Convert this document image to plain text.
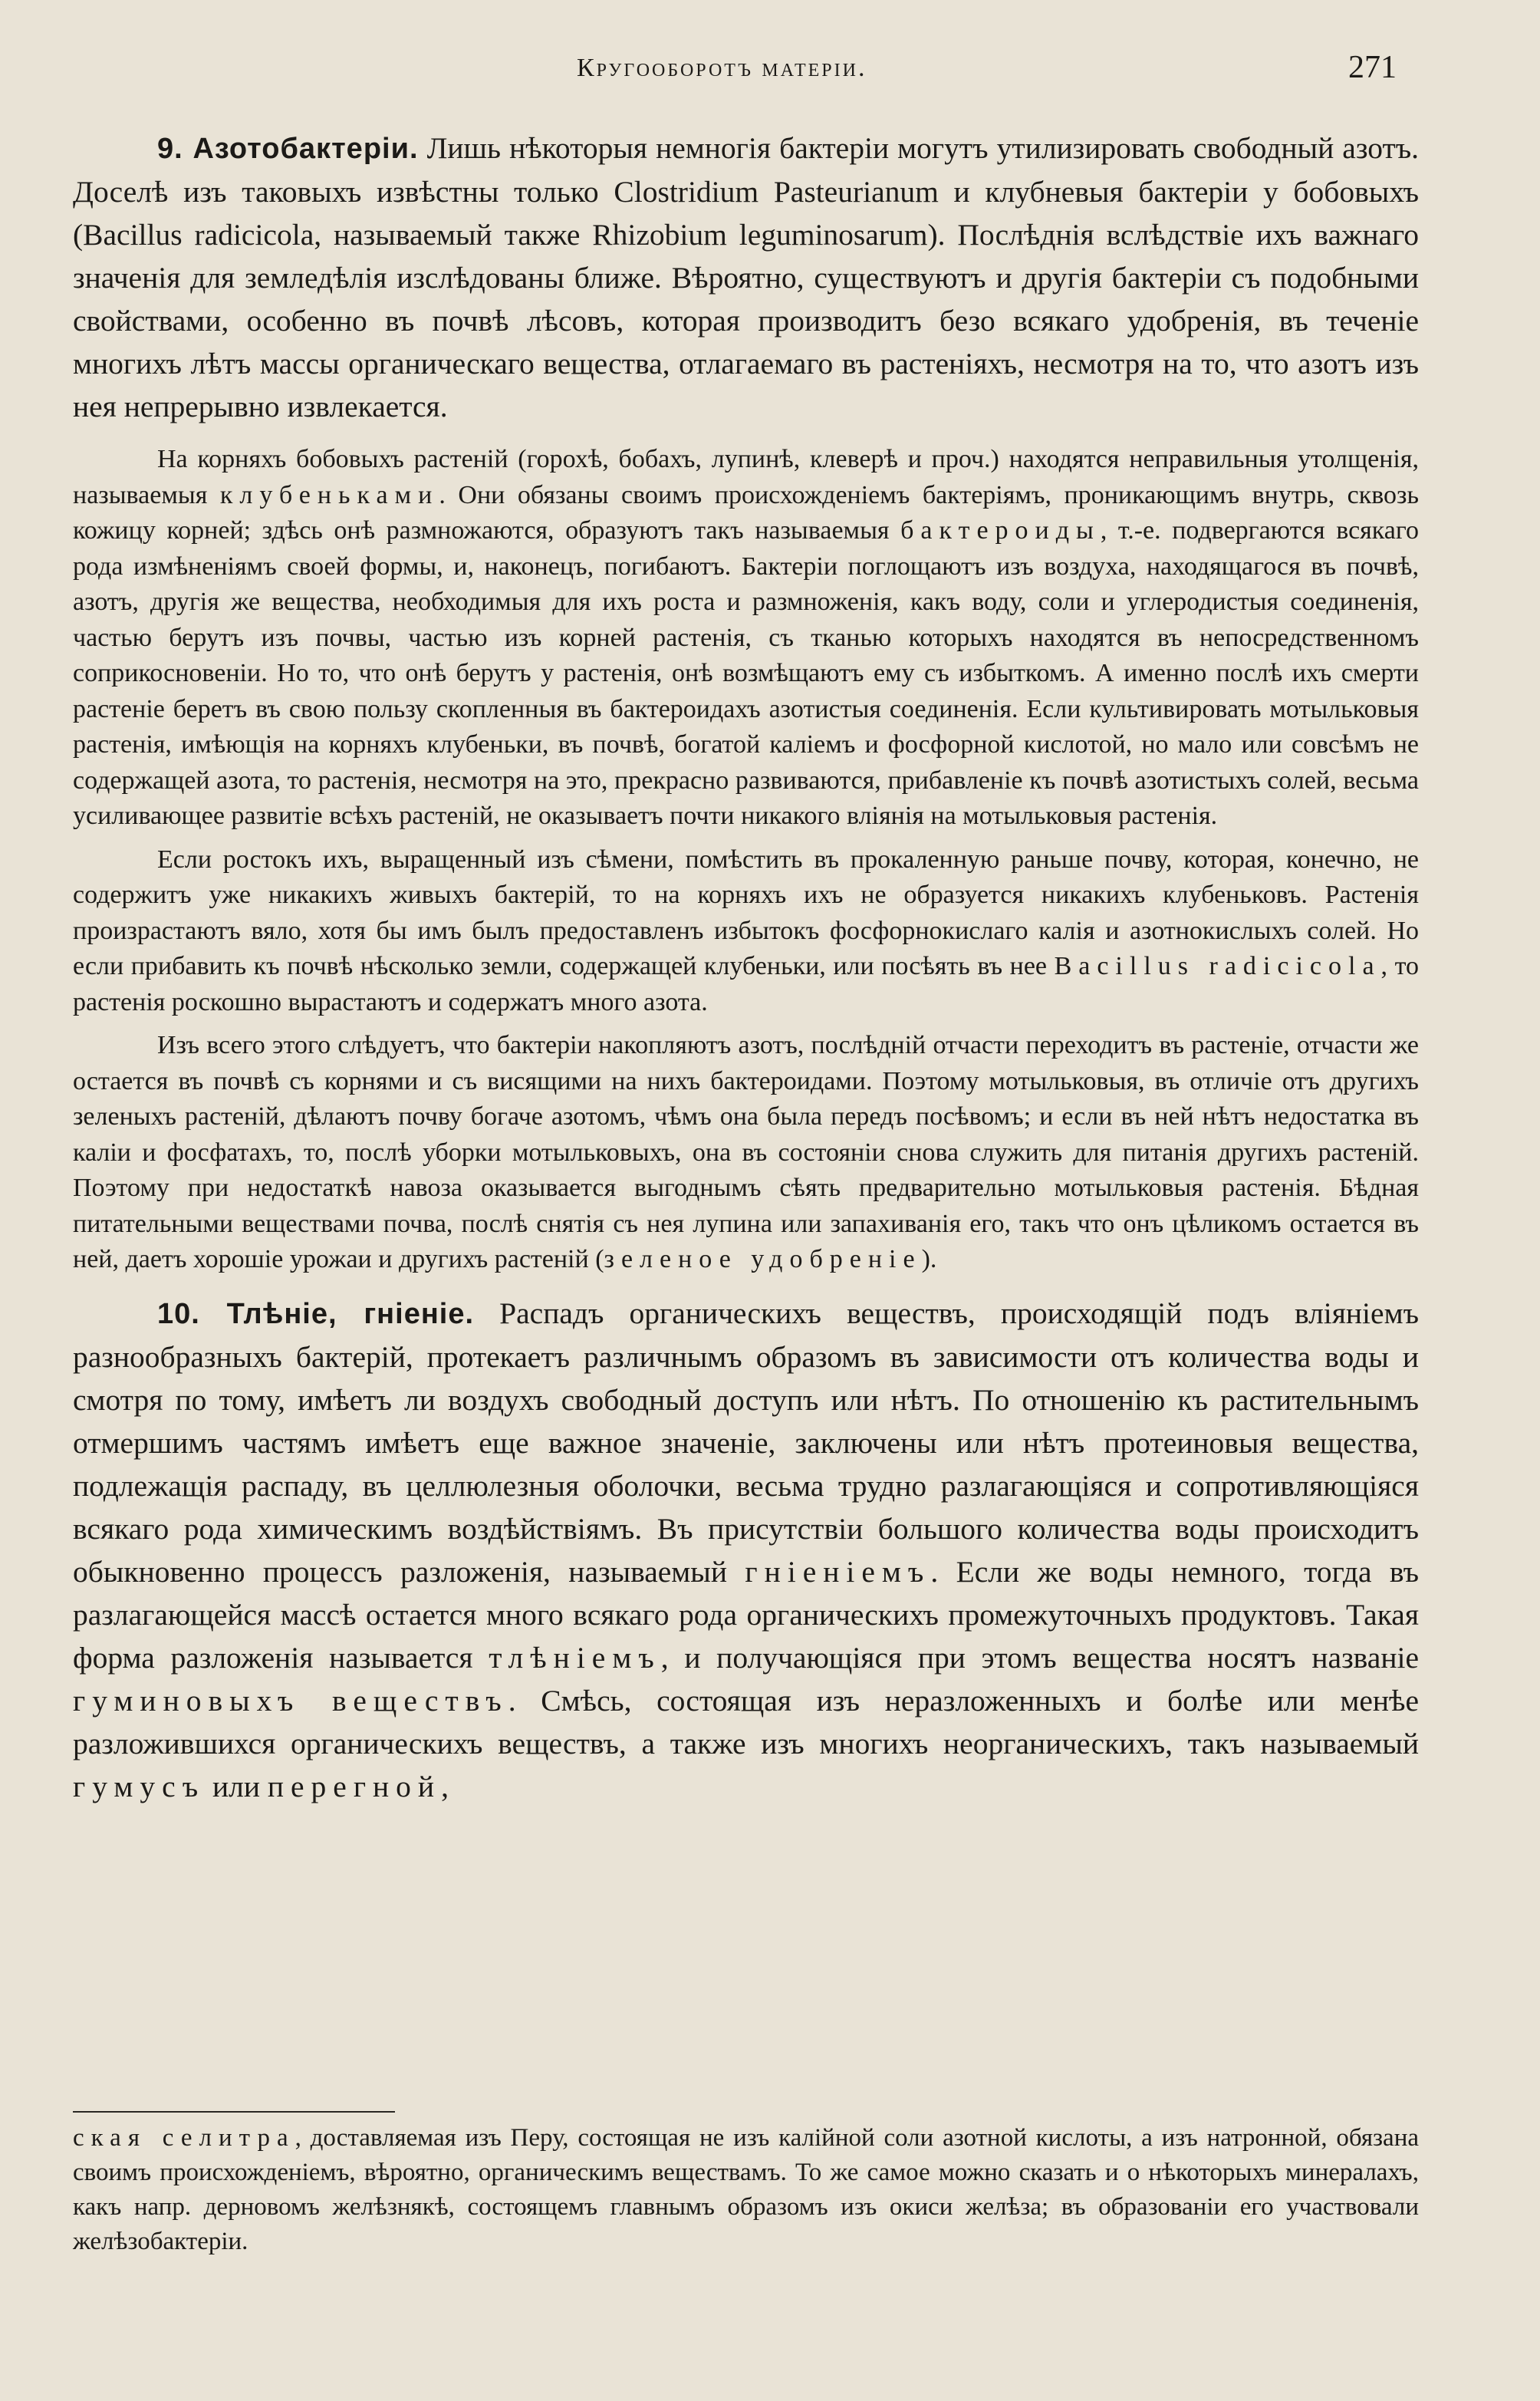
Кругооборотъ матеріи.	271

9. Азотобактеріи. Лишь нѣкоторыя немногія бактеріи могутъ утилизировать свободный азотъ. Доселѣ изъ таковыхъ извѣстны только Clostridium Pasteurianum и клубневыя бактеріи у бобовыхъ (Bacillus radicicola, называемый также Rhizobium leguminosarum). Послѣднія вслѣдствіе ихъ важнаго значенія для земледѣлія изслѣдованы ближе. Вѣроятно, существуютъ и другія бактеріи съ подобными свойствами, особенно въ почвѣ лѣсовъ, которая производитъ безо всякаго удобренія, въ теченіе многихъ лѣтъ массы органическаго вещества, отлагаемаго въ растеніяхъ, несмотря на то, что азотъ изъ нея непрерывно извлекается.

На корняхъ бобовыхъ растеній (горохѣ, бобахъ, лупинѣ, клеверѣ и проч.) находятся неправильныя утолщенія, называемыя клубеньками. Они обязаны своимъ происхожденіемъ бактеріямъ, проникающимъ внутрь, сквозь кожицу корней; здѣсь онѣ размножаются, образуютъ такъ называемыя бактероиды, т.-е. подвергаются всякаго рода измѣненіямъ своей формы, и, наконецъ, погибаютъ. Бактеріи поглощаютъ изъ воздуха, находящагося въ почвѣ, азотъ, другія же вещества, необходимыя для ихъ роста и размноженія, какъ воду, соли и углеродистыя соединенія, частью берутъ изъ почвы, частью изъ корней растенія, съ тканью которыхъ находятся въ непосредственномъ соприкосновеніи. Но то, что онѣ берутъ у растенія, онѣ возмѣщаютъ ему съ избыткомъ. А именно послѣ ихъ смерти растеніе беретъ въ свою пользу скопленныя въ бактероидахъ азотистыя соединенія. Если культивировать мотыльковыя растенія, имѣющія на корняхъ клубеньки, въ почвѣ, богатой каліемъ и фосфорной кислотой, но мало или совсѣмъ не содержащей азота, то растенія, несмотря на это, прекрасно развиваются, прибавленіе къ почвѣ азотистыхъ солей, весьма усиливающее развитіе всѣхъ растеній, не оказываетъ почти никакого вліянія на мотыльковыя растенія.

Если ростокъ ихъ, выращенный изъ сѣмени, помѣстить въ прокаленную раньше почву, которая, конечно, не содержитъ уже никакихъ живыхъ бактерій, то на корняхъ ихъ не образуется никакихъ клубеньковъ. Растенія произрастаютъ вяло, хотя бы имъ былъ предоставленъ избытокъ фосфорнокислаго калія и азотнокислыхъ солей. Но если прибавить къ почвѣ нѣсколько земли, содержащей клубеньки, или посѣять въ нее Bacillus radicicola, то растенія роскошно вырастаютъ и содержатъ много азота.

Изъ всего этого слѣдуетъ, что бактеріи накопляютъ азотъ, послѣдній отчасти переходитъ въ растеніе, отчасти же остается въ почвѣ съ корнями и съ висящими на нихъ бактероидами. Поэтому мотыльковыя, въ отличіе отъ другихъ зеленыхъ растеній, дѣлаютъ почву богаче азотомъ, чѣмъ она была передъ посѣвомъ; и если въ ней нѣтъ недостатка въ каліи и фосфатахъ, то, послѣ уборки мотыльковыхъ, она въ состояніи снова служить для питанія другихъ растеній. Поэтому при недостаткѣ навоза оказывается выгоднымъ сѣять предварительно мотыльковыя растенія. Бѣдная питательными веществами почва, послѣ снятія съ нея лупина или запахиванія его, такъ что онъ цѣликомъ остается въ ней, даетъ хорошіе урожаи и другихъ растеній (зеленое удобреніе).

10. Тлѣніе, гніеніе. Распадъ органическихъ веществъ, происходящій подъ вліяніемъ разнообразныхъ бактерій, протекаетъ различнымъ образомъ въ зависимости отъ количества воды и смотря по тому, имѣетъ ли воздухъ свободный доступъ или нѣтъ. По отношенію къ растительнымъ отмершимъ частямъ имѣетъ еще важное значеніе, заключены или нѣтъ протеиновыя вещества, подлежащія распаду, въ целлюлезныя оболочки, весьма трудно разлагающіяся и сопротивляющіяся всякаго рода химическимъ воздѣйствіямъ. Въ присутствіи большого количества воды происходитъ обыкновенно процессъ разложенія, называемый гніеніемъ. Если же воды немного, тогда въ разлагающейся массѣ остается много всякаго рода органическихъ промежуточныхъ продуктовъ. Такая форма разложенія называется тлѣніемъ, и получающіяся при этомъ вещества носятъ названіе гуминовыхъ веществъ. Смѣсь, состоящая изъ неразложенныхъ и болѣе или менѣе разложившихся органическихъ веществъ, а также изъ многихъ неорганическихъ, такъ называемый гумусъ или перегной,

ская селитра, доставляемая изъ Перу, состоящая не изъ калійной соли азотной кислоты, а изъ натронной, обязана своимъ происхожденіемъ, вѣроятно, органическимъ веществамъ. То же самое можно сказать и о нѣкоторыхъ минералахъ, какъ напр. дерновомъ желѣзнякѣ, состоящемъ главнымъ образомъ изъ окиси желѣза; въ образованіи его участвовали желѣзобактеріи.
